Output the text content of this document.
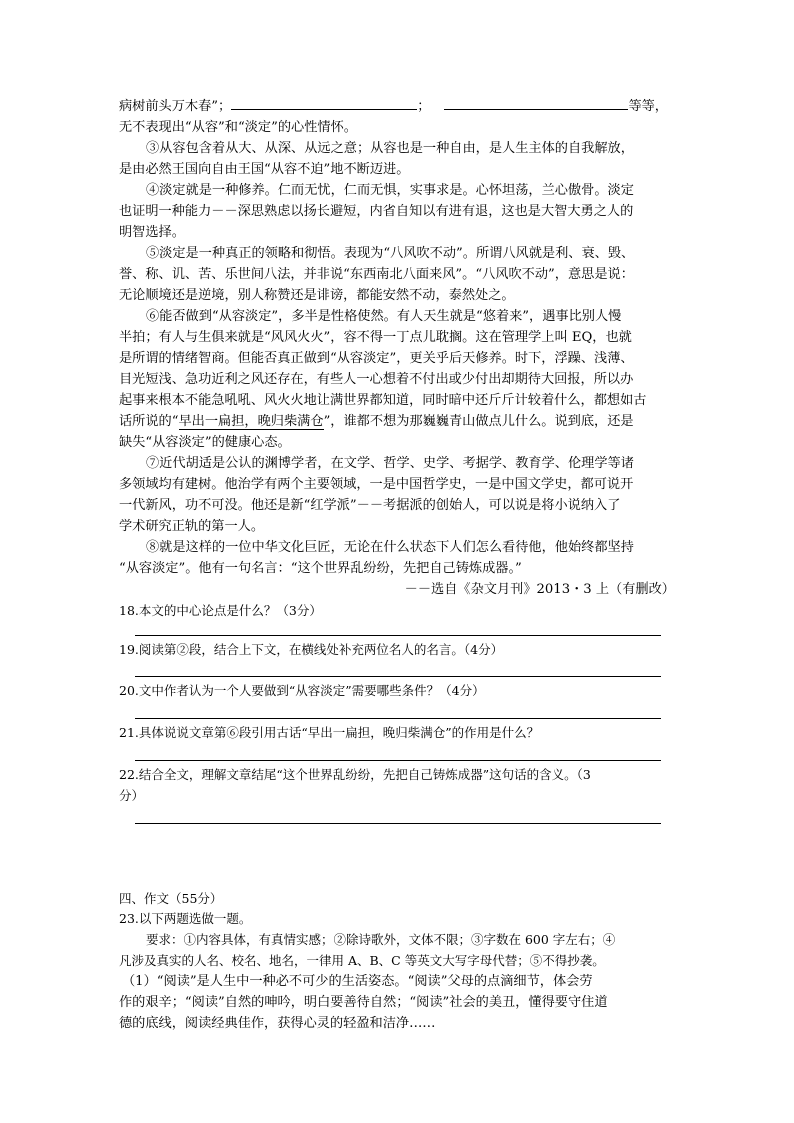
病树前头万木春”；	；	等等，
无不表现出“从容”和“淡定”的心性情怀。
③从容包含着从大、从深、从远之意；从容也是一种自由，是人生主体的自我解放，
是由必然王国向自由王国“从容不迫”地不断迈进。
④淡定就是一种修养。仁而无忧，仁而无惧，实事求是。心怀坦荡，兰心傲骨。淡定
也证明一种能力－－深思熟虑以扬长避短，内省自知以有进有退，这也是大智大勇之人的
明智选择。
⑤淡定是一种真正的领略和彻悟。表现为“八风吹不动”。所谓八风就是利、衰、毁、
誉、称、讥、苦、乐世间八法，并非说“东西南北八面来风”。“八风吹不动”，意思是说：
无论顺境还是逆境，别人称赞还是诽谤，都能安然不动，泰然处之。
⑥能否做到“从容淡定”，多半是性格使然。有人天生就是“悠着来”，遇事比别人慢
半拍；有人与生俱来就是“风风火火”，容不得一丁点儿耽搁。这在管理学上叫 EQ，也就
是所谓的情绪智商。但能否真正做到“从容淡定”，更关乎后天修养。时下，浮躁、浅薄、
目光短浅、急功近利之风还存在，有些人一心想着不付出或少付出却期待大回报，所以办
起事来根本不能急吼吼、风火火地让满世界都知道，同时暗中还斤斤计较着什么，都想如古
话所说的“早出一扁担，晚归柴满仓”，谁都不想为那巍巍青山做点儿什么。说到底，还是
缺失“从容淡定”的健康心态。
⑦近代胡适是公认的渊博学者，在文学、哲学、史学、考据学、教育学、伦理学等诸
多领域均有建树。他治学有两个主要领域，一是中国哲学史，一是中国文学史，都可说开
一代新风，功不可没。他还是新“红学派”－－考据派的创始人，可以说是将小说纳入了
学术研究正轨的第一人。
⑧就是这样的一位中华文化巨匠，无论在什么状态下人们怎么看待他，他始终都坚持
“从容淡定”。他有一句名言：“这个世界乱纷纷，先把自己铸炼成器。”
－－选自《杂文月刊》2013・3 上（有删改）
18.本文的中心论点是什么？（3分）
19.阅读第②段，结合上下文，在横线处补充两位名人的名言。（4分）
20.文中作者认为一个人要做到“从容淡定”需要哪些条件？（4分）
21.具体说说文章第⑥段引用古话“早出一扁担，晚归柴满仓”的作用是什么？
22.结合全文，理解文章结尾“这个世界乱纷纷，先把自己铸炼成器”这句话的含义。（3
分）
四、作文（55分）
23.以下两题选做一题。
要求：①内容具体，有真情实感；②除诗歌外，文体不限；③字数在 600 字左右；④
凡涉及真实的人名、校名、地名，一律用 A、B、C 等英文大写字母代替；⑤不得抄袭。
（1）“阅读”是人生中一种必不可少的生活姿态。“阅读”父母的点滴细节，体会劳
作的艰辛；“阅读”自然的呻吟，明白要善待自然；“阅读”社会的美丑，懂得要守住道
德的底线，阅读经典佳作，获得心灵的轻盈和洁净……
